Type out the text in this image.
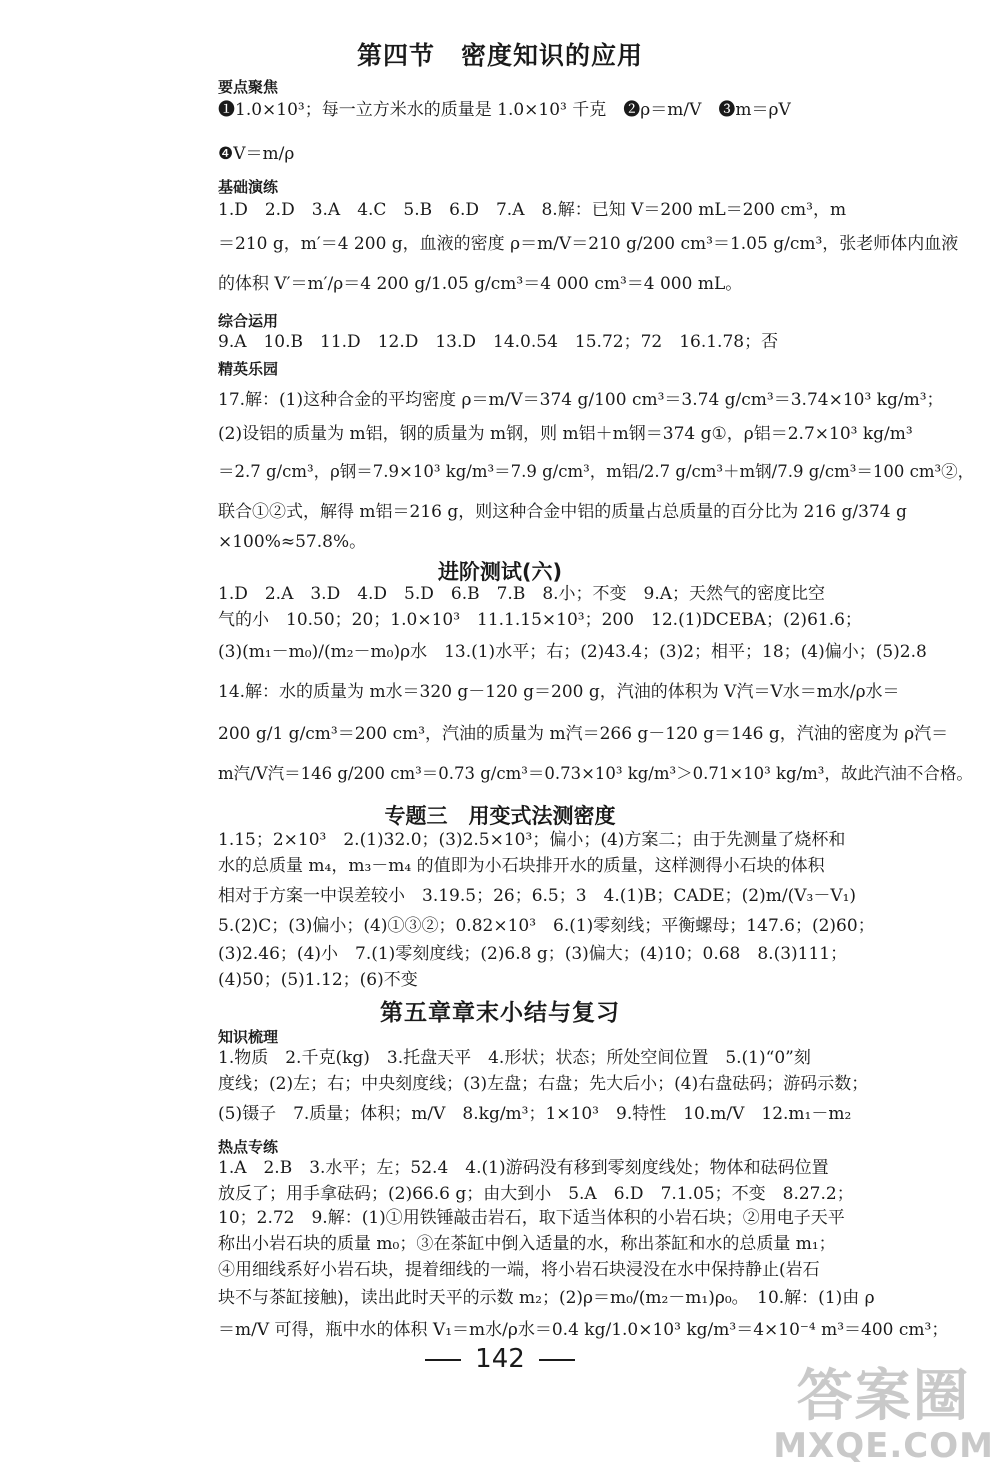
第四节　密度知识的应用
要点聚焦
❶1.0×10³；每一立方米水的质量是 1.0×10³ 千克　❷ρ＝m/V　❸m＝ρV
❹V＝m/ρ
基础演练
1.D　2.D　3.A　4.C　5.B　6.D　7.A　8.解：已知 V＝200 mL＝200 cm³，m
＝210 g，m′＝4 200 g，血液的密度 ρ＝m/V＝210 g/200 cm³＝1.05 g/cm³，张老师体内血液
的体积 V′＝m′/ρ＝4 200 g/1.05 g/cm³＝4 000 cm³＝4 000 mL。
综合运用
9.A　10.B　11.D　12.D　13.D　14.0.54　15.72；72　16.1.78；否
精英乐园
17.解：(1)这种合金的平均密度 ρ＝m/V＝374 g/100 cm³＝3.74 g/cm³＝3.74×10³ kg/m³；
(2)设铝的质量为 m铝，钢的质量为 m钢，则 m铝＋m钢＝374 g①，ρ铝＝2.7×10³ kg/m³
＝2.7 g/cm³，ρ钢＝7.9×10³ kg/m³＝7.9 g/cm³，m铝/2.7 g/cm³＋m钢/7.9 g/cm³＝100 cm³②，
联合①②式，解得 m铝＝216 g，则这种合金中铝的质量占总质量的百分比为 216 g/374 g
×100%≈57.8%。
进阶测试(六)
1.D　2.A　3.D　4.D　5.D　6.B　7.B　8.小；不变　9.A；天然气的密度比空
气的小　10.50；20；1.0×10³　11.1.15×10³；200　12.(1)DCEBA；(2)61.6；
(3)(m₁－m₀)/(m₂－m₀)ρ水　13.(1)水平；右；(2)43.4；(3)2；相平；18；(4)偏小；(5)2.8
14.解：水的质量为 m水＝320 g－120 g＝200 g，汽油的体积为 V汽＝V水＝m水/ρ水＝
200 g/1 g/cm³＝200 cm³，汽油的质量为 m汽＝266 g－120 g＝146 g，汽油的密度为 ρ汽＝
m汽/V汽＝146 g/200 cm³＝0.73 g/cm³＝0.73×10³ kg/m³＞0.71×10³ kg/m³，故此汽油不合格。
专题三　用变式法测密度
1.15；2×10³　2.(1)32.0；(3)2.5×10³；偏小；(4)方案二；由于先测量了烧杯和
水的总质量 m₄，m₃－m₄ 的值即为小石块排开水的质量，这样测得小石块的体积
相对于方案一中误差较小　3.19.5；26；6.5；3　4.(1)B；CADE；(2)m/(V₃－V₁)
5.(2)C；(3)偏小；(4)①③②；0.82×10³　6.(1)零刻线；平衡螺母；147.6；(2)60；
(3)2.46；(4)小　7.(1)零刻度线；(2)6.8 g；(3)偏大；(4)10；0.68　8.(3)111；
(4)50；(5)1.12；(6)不变
第五章章末小结与复习
知识梳理
1.物质　2.千克(kg)　3.托盘天平　4.形状；状态；所处空间位置　5.(1)“0”刻
度线；(2)左；右；中央刻度线；(3)左盘；右盘；先大后小；(4)右盘砝码；游码示数；
(5)镊子　7.质量；体积；m/V　8.kg/m³；1×10³　9.特性　10.m/V　12.m₁－m₂
热点专练
1.A　2.B　3.水平；左；52.4　4.(1)游码没有移到零刻度线处；物体和砝码位置
放反了；用手拿砝码；(2)66.6 g；由大到小　5.A　6.D　7.1.05；不变　8.27.2；
10；2.72　9.解：(1)①用铁锤敲击岩石，取下适当体积的小岩石块；②用电子天平
称出小岩石块的质量 m₀；③在茶缸中倒入适量的水，称出茶缸和水的总质量 m₁；
④用细线系好小岩石块，提着细线的一端，将小岩石块浸没在水中保持静止(岩石
块不与茶缸接触)，读出此时天平的示数 m₂；(2)ρ＝m₀/(m₂－m₁)ρ₀。　10.解：(1)由 ρ
＝m/V 可得，瓶中水的体积 V₁＝m水/ρ水＝0.4 kg/1.0×10³ kg/m³＝4×10⁻⁴ m³＝400 cm³；
142
答案圈
MXQE.COM
